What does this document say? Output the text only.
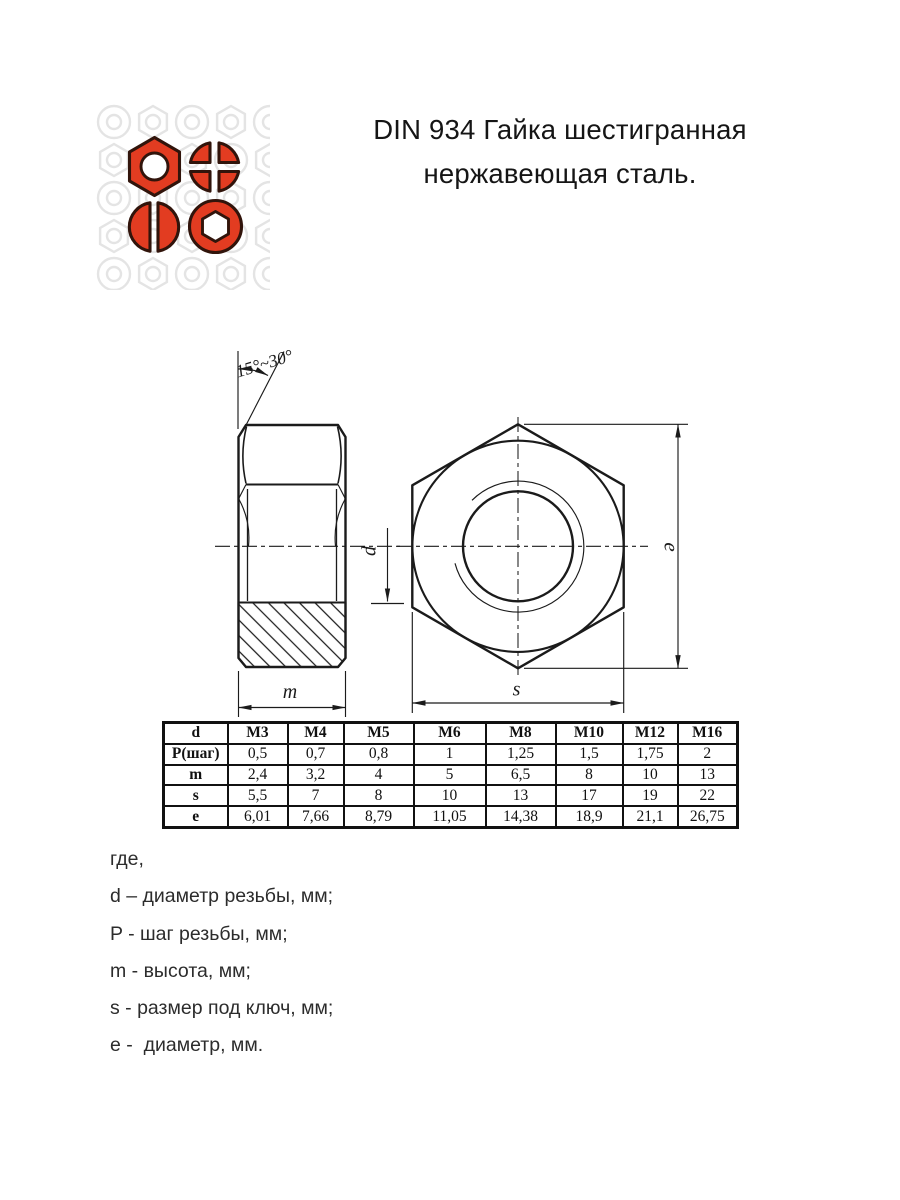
DIN 934 Гайка шестигранная
нержавеющая сталь.
15°~30°
d
m	s
e
d	M3	M4	M5	M6	M8	M10	M12	M16
P(шаг)	0,5	0,7	0,8	1	1,25	1,5	1,75	2
m	2,4	3,2	4	5	6,5	8	10	13
s	5,5	7	8	10	13	17	19	22
e	6,01	7,66	8,79	11,05	14,38	18,9	21,1	26,75
где,
d – диаметр резьбы, мм;
P - шаг резьбы, мм;
m - высота, мм;
s - размер под ключ, мм;
e -  диаметр, мм.
